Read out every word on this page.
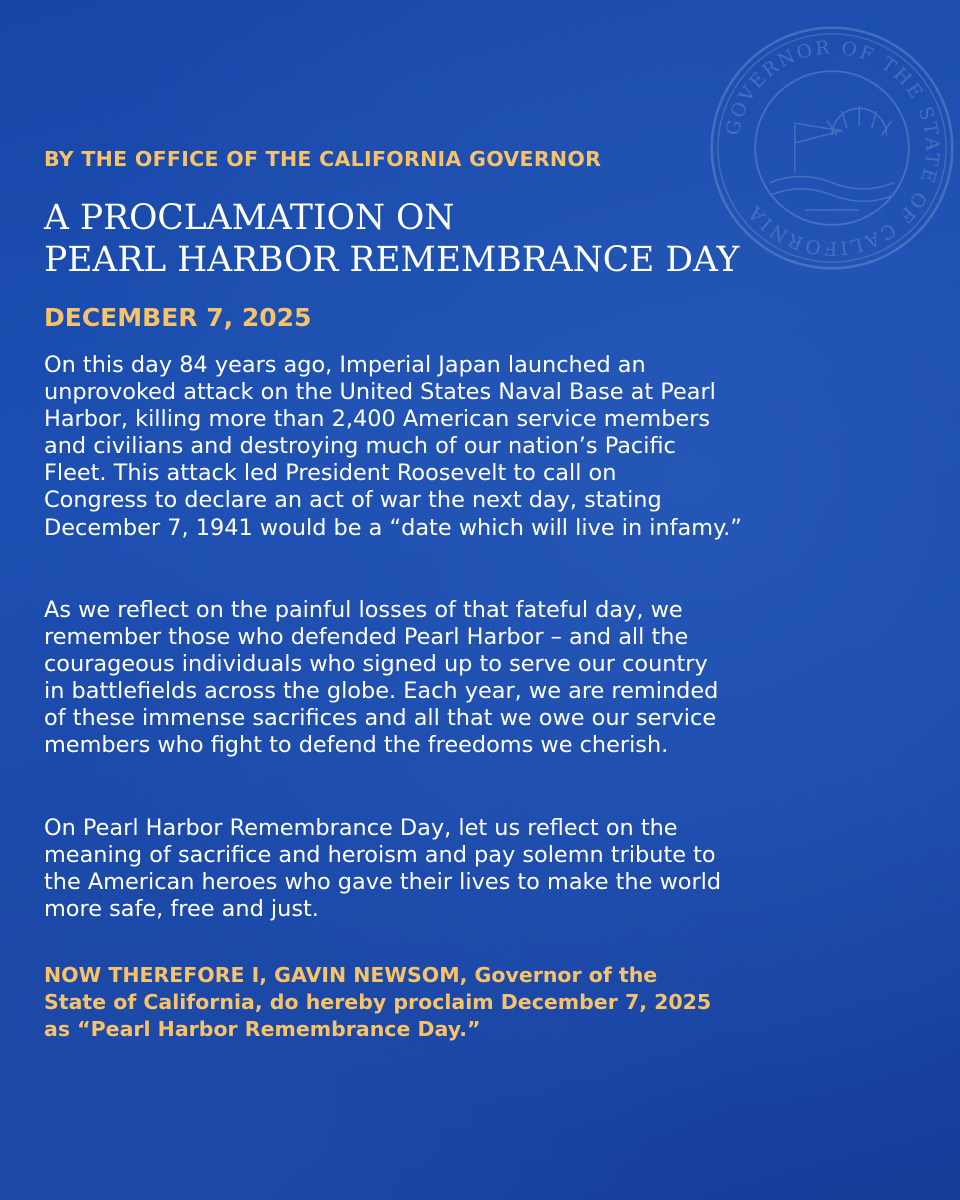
GOVERNOR OF THE STATE OF CALIFORNIA
BY THE OFFICE OF THE CALIFORNIA GOVERNOR
A PROCLAMATION ON
PEARL HARBOR REMEMBRANCE DAY
DECEMBER 7, 2025

On this day 84 years ago, Imperial Japan launched an
unprovoked attack on the United States Naval Base at Pearl
Harbor, killing more than 2,400 American service members
and civilians and destroying much of our nation’s Pacific
Fleet. This attack led President Roosevelt to call on
Congress to declare an act of war the next day, stating
December 7, 1941 would be a “date which will live in infamy.”

As we reflect on the painful losses of that fateful day, we
remember those who defended Pearl Harbor – and all the
courageous individuals who signed up to serve our country
in battlefields across the globe. Each year, we are reminded
of these immense sacrifices and all that we owe our service
members who fight to defend the freedoms we cherish.

On Pearl Harbor Remembrance Day, let us reflect on the
meaning of sacrifice and heroism and pay solemn tribute to
the American heroes who gave their lives to make the world
more safe, free and just.

NOW THEREFORE I, GAVIN NEWSOM, Governor of the
State of California, do hereby proclaim December 7, 2025
as “Pearl Harbor Remembrance Day.”
